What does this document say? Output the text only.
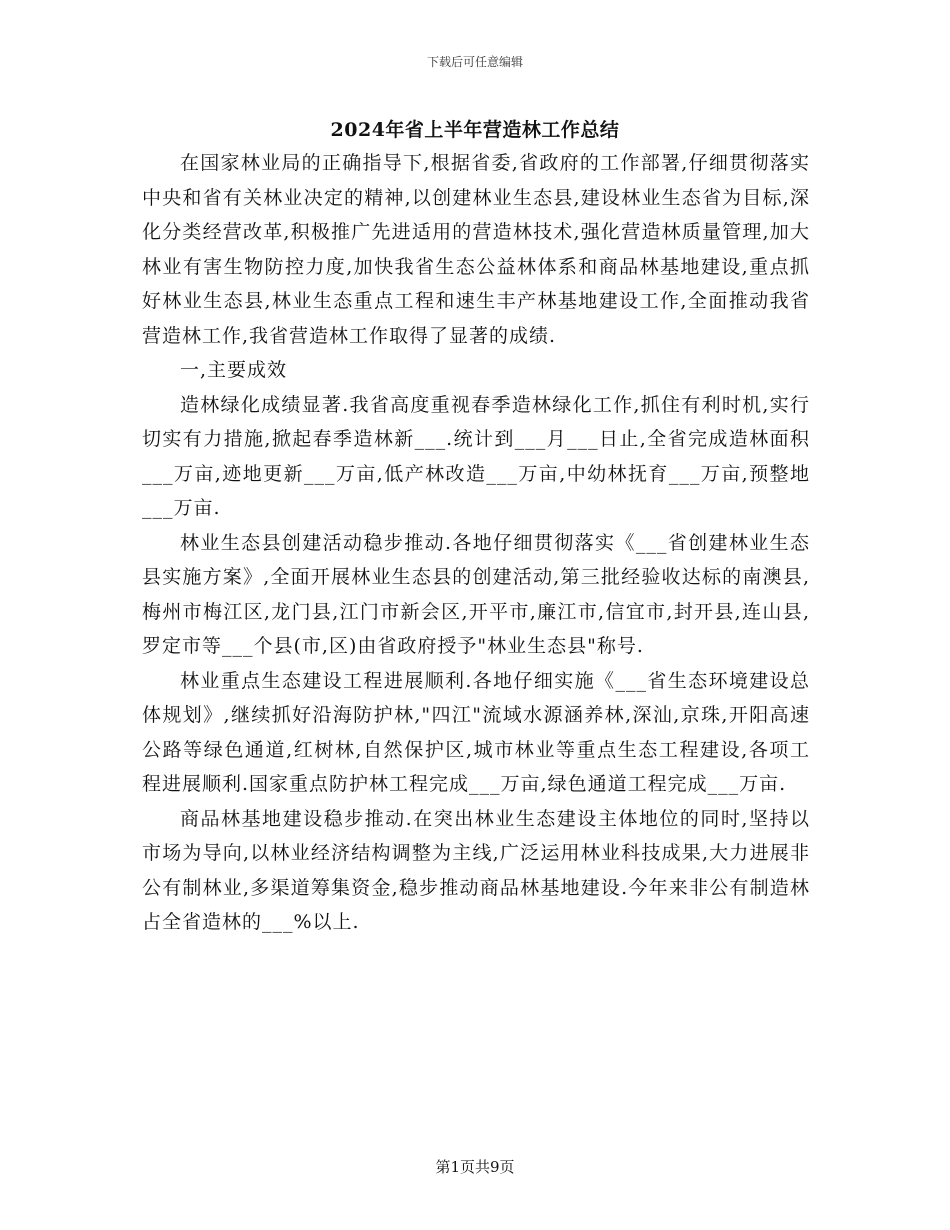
下载后可任意编辑
2024年省上半年营造林工作总结

在国家林业局的正确指导下,根据省委,省政府的工作部署,仔细贯彻落实中央和省有关林业决定的精神,以创建林业生态县,建设林业生态省为目标,深化分类经营改革,积极推广先进适用的营造林技术,强化营造林质量管理,加大林业有害生物防控力度,加快我省生态公益林体系和商品林基地建设,重点抓好林业生态县,林业生态重点工程和速生丰产林基地建设工作,全面推动我省营造林工作,我省营造林工作取得了显著的成绩.

一,主要成效

造林绿化成绩显著.我省高度重视春季造林绿化工作,抓住有利时机,实行切实有力措施,掀起春季造林新___.统计到___月___日止,全省完成造林面积___万亩,迹地更新___万亩,低产林改造___万亩,中幼林抚育___万亩,预整地___万亩.

林业生态县创建活动稳步推动.各地仔细贯彻落实《___省创建林业生态县实施方案》,全面开展林业生态县的创建活动,第三批经验收达标的南澳县,梅州市梅江区,龙门县,江门市新会区,开平市,廉江市,信宜市,封开县,连山县,罗定市等___个县(市,区)由省政府授予"林业生态县"称号.

林业重点生态建设工程进展顺利.各地仔细实施《___省生态环境建设总体规划》,继续抓好沿海防护林,"四江"流域水源涵养林,深汕,京珠,开阳高速公路等绿色通道,红树林,自然保护区,城市林业等重点生态工程建设,各项工程进展顺利.国家重点防护林工程完成___万亩,绿色通道工程完成___万亩.

商品林基地建设稳步推动.在突出林业生态建设主体地位的同时,坚持以市场为导向,以林业经济结构调整为主线,广泛运用林业科技成果,大力进展非公有制林业,多渠道筹集资金,稳步推动商品林基地建设.今年来非公有制造林占全省造林的___%以上.

第1页共9页
